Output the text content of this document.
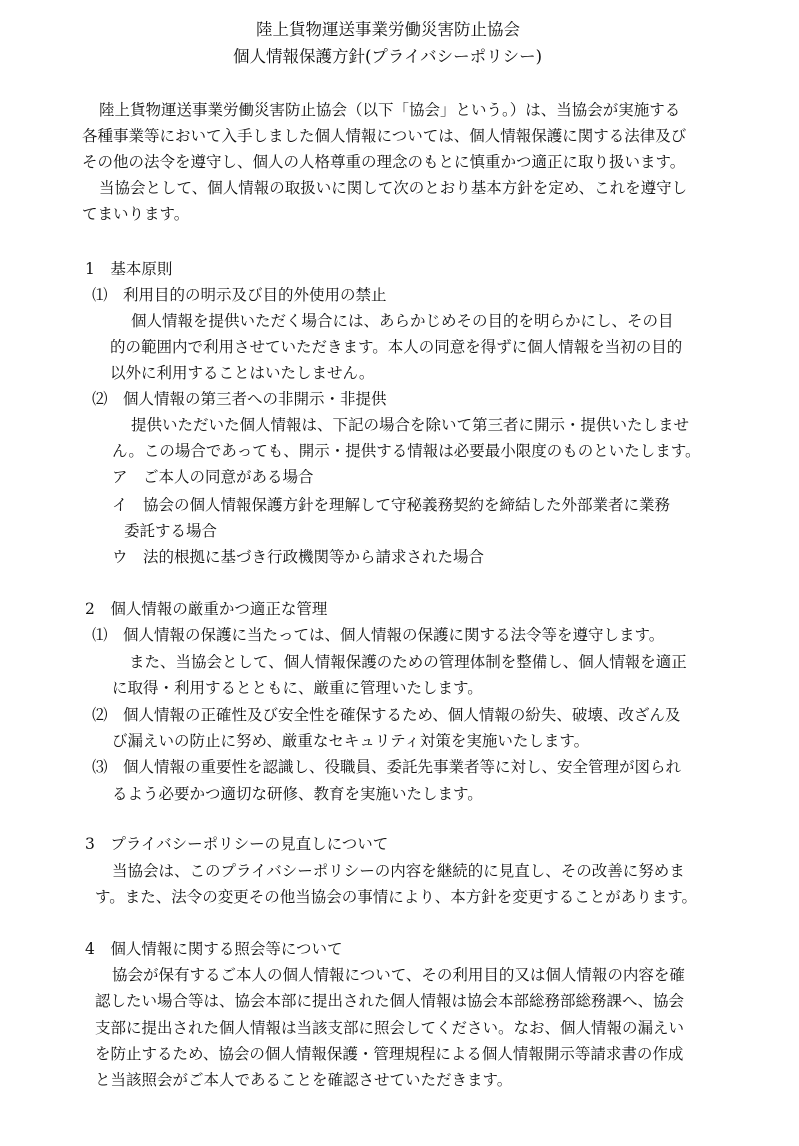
陸上貨物運送事業労働災害防止協会

個人情報保護方針(プライバシーポリシー)

陸上貨物運送事業労働災害防止協会（以下「協会」という。）は、当協会が実施する

各種事業等において入手しました個人情報については、個人情報保護に関する法律及び

その他の法令を遵守し、個人の人格尊重の理念のもとに慎重かつ適正に取り扱います。

当協会として、個人情報の取扱いに関して次のとおり基本方針を定め、これを遵守し

てまいります。

1　基本原則

⑴　利用目的の明示及び目的外使用の禁止

個人情報を提供いただく場合には、あらかじめその目的を明らかにし、その目

的の範囲内で利用させていただきます。本人の同意を得ずに個人情報を当初の目的

以外に利用することはいたしません。

⑵　個人情報の第三者への非開示・非提供

提供いただいた個人情報は、下記の場合を除いて第三者に開示・提供いたしませ

ん。この場合であっても、開示・提供する情報は必要最小限度のものといたします。

ア　ご本人の同意がある場合

イ　協会の個人情報保護方針を理解して守秘義務契約を締結した外部業者に業務

委託する場合

ウ　法的根拠に基づき行政機関等から請求された場合

2　個人情報の厳重かつ適正な管理

⑴　個人情報の保護に当たっては、個人情報の保護に関する法令等を遵守します。

また、当協会として、個人情報保護のための管理体制を整備し、個人情報を適正

に取得・利用するとともに、厳重に管理いたします。

⑵　個人情報の正確性及び安全性を確保するため、個人情報の紛失、破壊、改ざん及

び漏えいの防止に努め、厳重なセキュリティ対策を実施いたします。

⑶　個人情報の重要性を認識し、役職員、委託先事業者等に対し、安全管理が図られ

るよう必要かつ適切な研修、教育を実施いたします。

3　プライバシーポリシーの見直しについて

当協会は、このプライバシーポリシーの内容を継続的に見直し、その改善に努めま

す。また、法令の変更その他当協会の事情により、本方針を変更することがあります。

4　個人情報に関する照会等について

協会が保有するご本人の個人情報について、その利用目的又は個人情報の内容を確

認したい場合等は、協会本部に提出された個人情報は協会本部総務部総務課へ、協会

支部に提出された個人情報は当該支部に照会してください。なお、個人情報の漏えい

を防止するため、協会の個人情報保護・管理規程による個人情報開示等請求書の作成

と当該照会がご本人であることを確認させていただきます。
